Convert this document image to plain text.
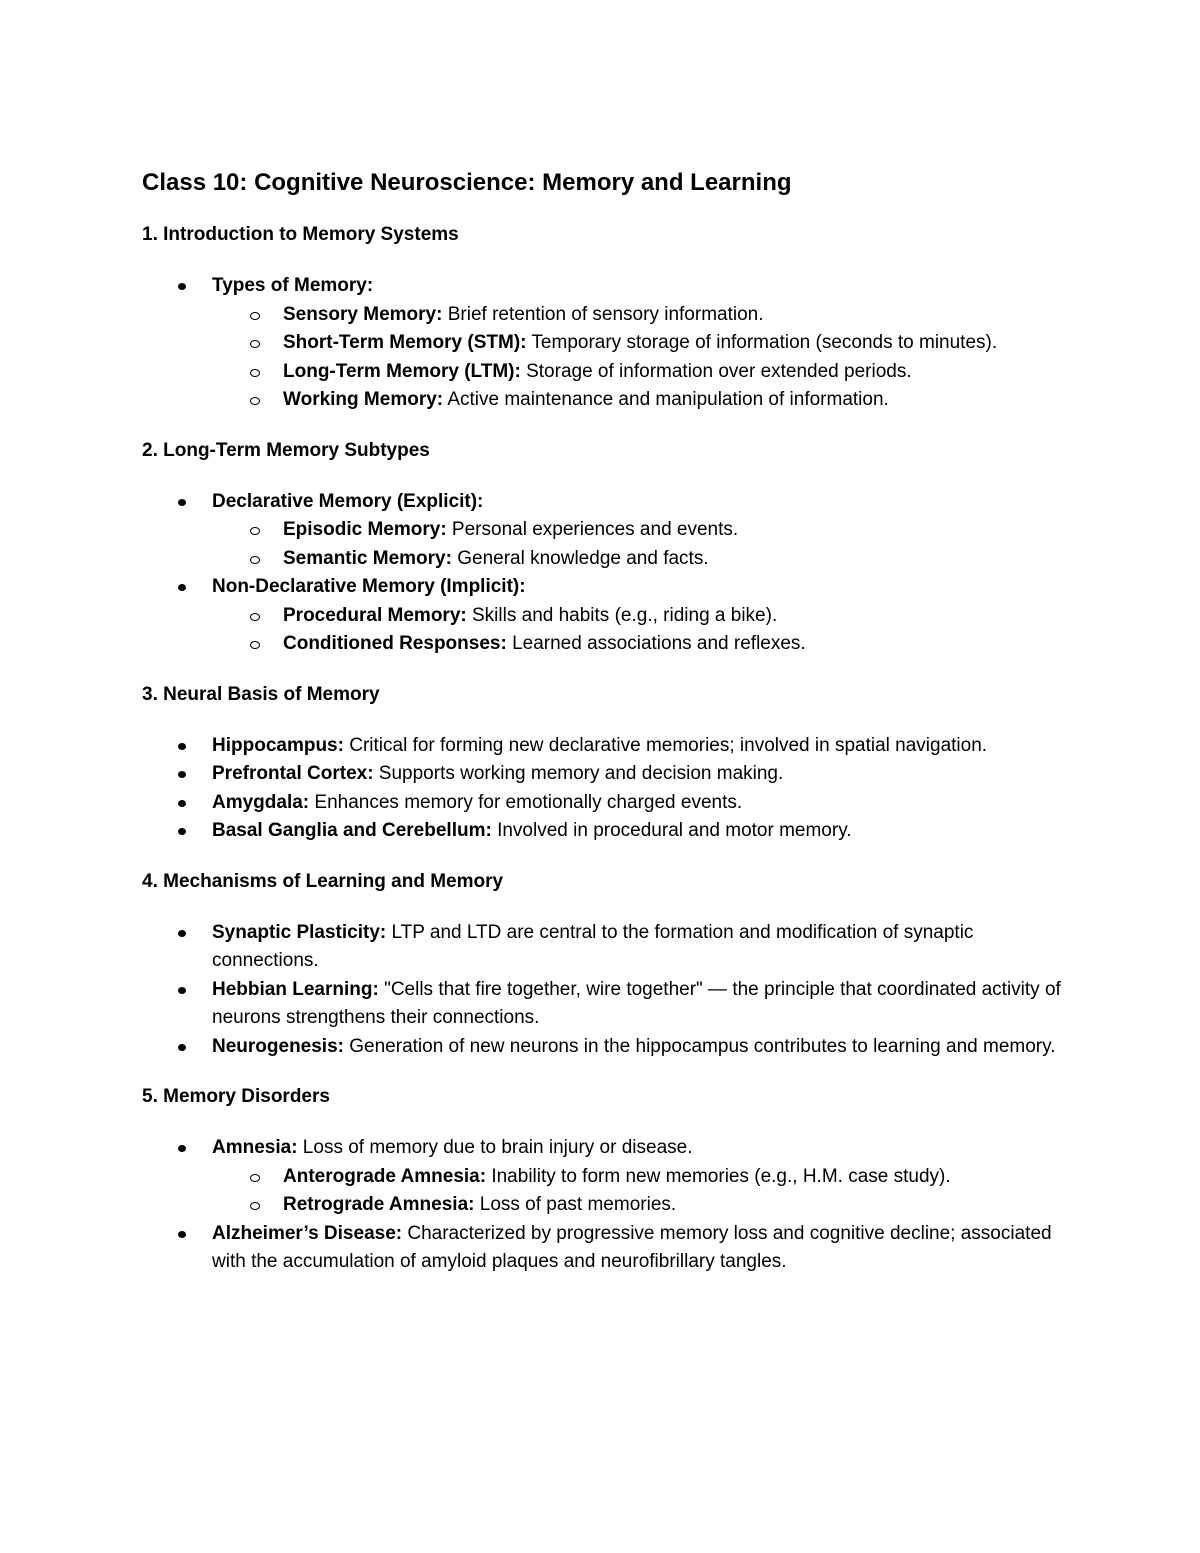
Class 10: Cognitive Neuroscience: Memory and Learning
1. Introduction to Memory Systems
Types of Memory:
Sensory Memory: Brief retention of sensory information.
Short-Term Memory (STM): Temporary storage of information (seconds to minutes).
Long-Term Memory (LTM): Storage of information over extended periods.
Working Memory: Active maintenance and manipulation of information.
2. Long-Term Memory Subtypes
Declarative Memory (Explicit):
Episodic Memory: Personal experiences and events.
Semantic Memory: General knowledge and facts.
Non-Declarative Memory (Implicit):
Procedural Memory: Skills and habits (e.g., riding a bike).
Conditioned Responses: Learned associations and reflexes.
3. Neural Basis of Memory
Hippocampus: Critical for forming new declarative memories; involved in spatial navigation.
Prefrontal Cortex: Supports working memory and decision making.
Amygdala: Enhances memory for emotionally charged events.
Basal Ganglia and Cerebellum: Involved in procedural and motor memory.
4. Mechanisms of Learning and Memory
Synaptic Plasticity: LTP and LTD are central to the formation and modification of synaptic connections.
Hebbian Learning: "Cells that fire together, wire together" — the principle that coordinated activity of neurons strengthens their connections.
Neurogenesis: Generation of new neurons in the hippocampus contributes to learning and memory.
5. Memory Disorders
Amnesia: Loss of memory due to brain injury or disease.
Anterograde Amnesia: Inability to form new memories (e.g., H.M. case study).
Retrograde Amnesia: Loss of past memories.
Alzheimer’s Disease: Characterized by progressive memory loss and cognitive decline; associated with the accumulation of amyloid plaques and neurofibrillary tangles.
